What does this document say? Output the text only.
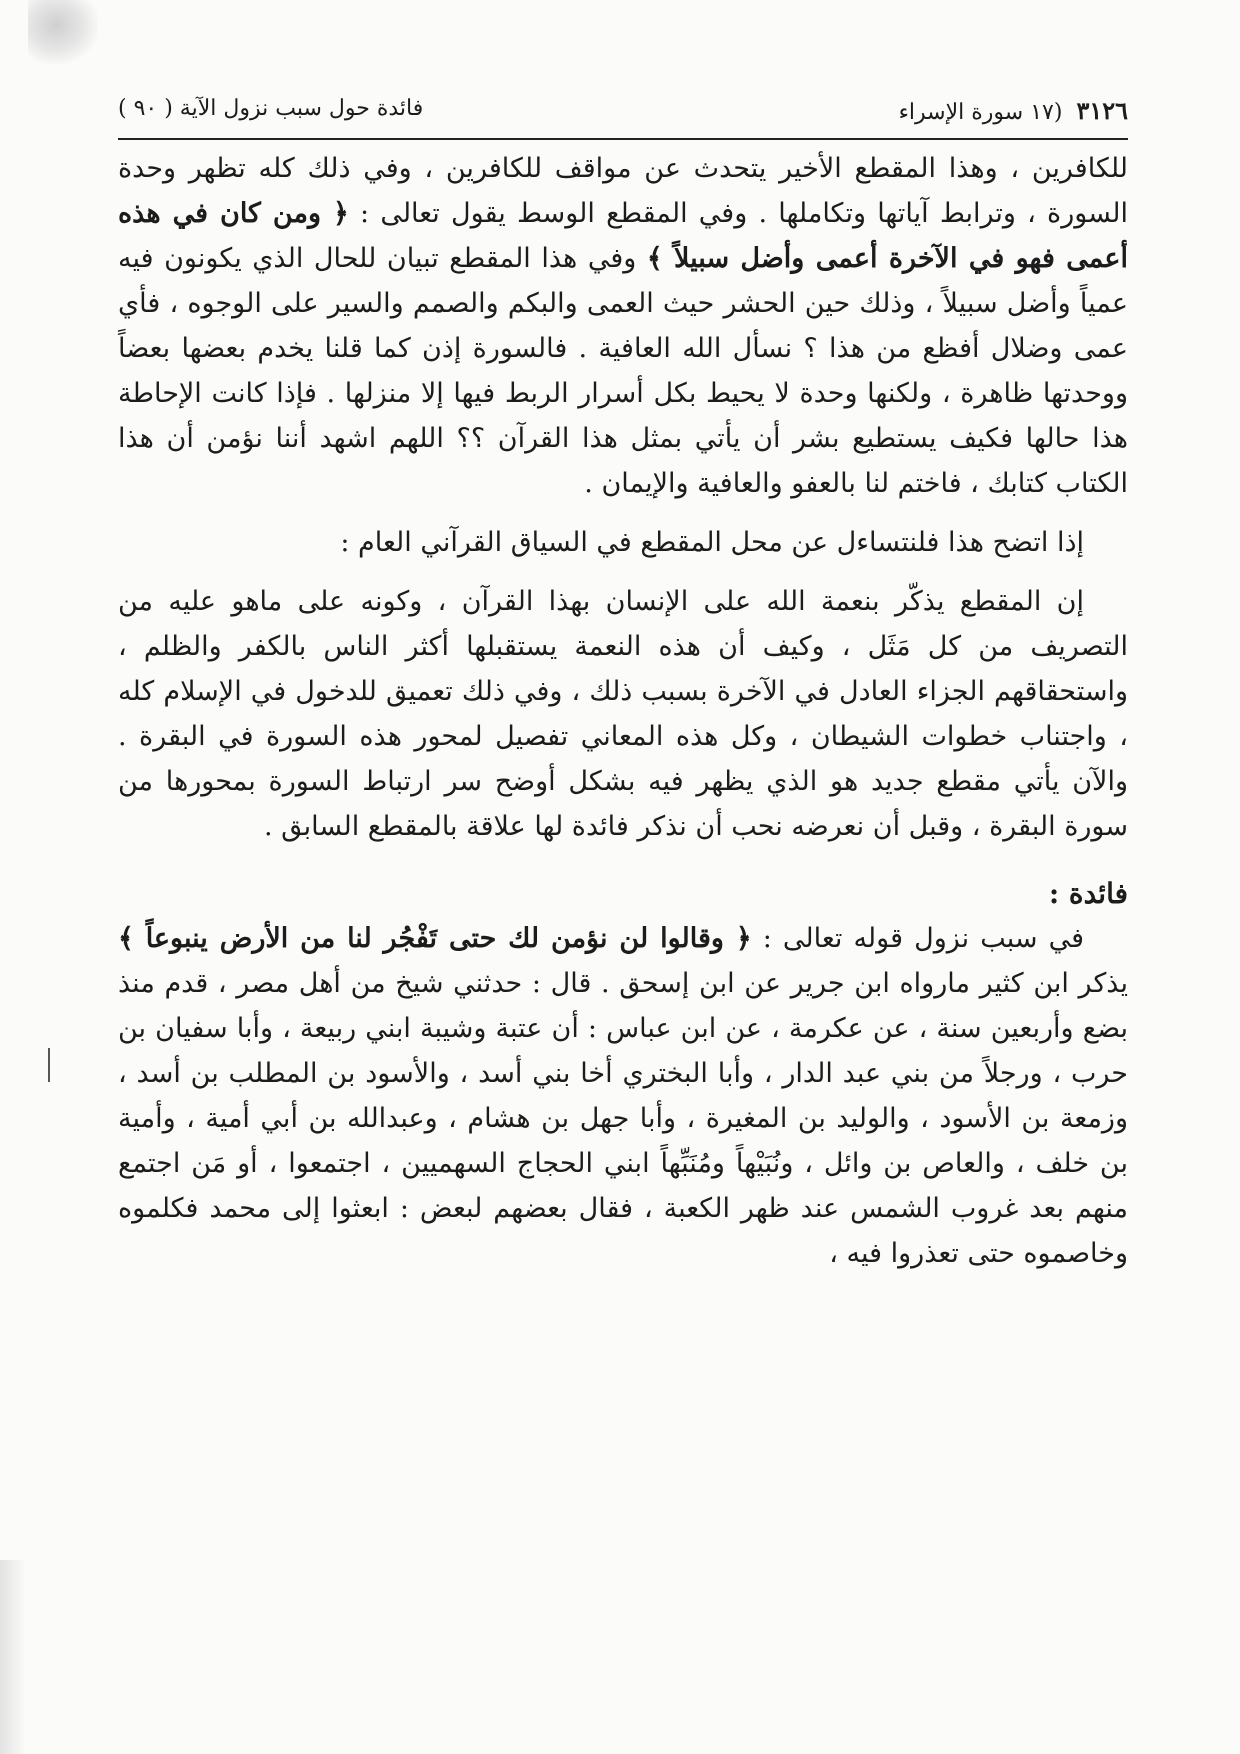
٣١٢٦(١٧ سورة الإسراء
فائدة حول سبب نزول الآية ( ٩٠ )

للكافرين ، وهذا المقطع الأخير يتحدث عن مواقف للكافرين ، وفي ذلك كله تظهر وحدة السورة ، وترابط آياتها وتكاملها . وفي المقطع الوسط يقول تعالى : ﴿ ومن كان في هذه أعمى فهو في الآخرة أعمى وأضل سبيلاً ﴾ وفي هذا المقطع تبيان للحال الذي يكونون فيه عمياً وأضل سبيلاً ، وذلك حين الحشر حيث العمى والبكم والصمم والسير على الوجوه ، فأي عمى وضلال أفظع من هذا ؟ نسأل الله العافية . فالسورة إذن كما قلنا يخدم بعضها بعضاً ووحدتها ظاهرة ، ولكنها وحدة لا يحيط بكل أسرار الربط فيها إلا منزلها . فإذا كانت الإحاطة هذا حالها فكيف يستطيع بشر أن يأتي بمثل هذا القرآن ؟؟ اللهم اشهد أننا نؤمن أن هذا الكتاب كتابك ، فاختم لنا بالعفو والعافية والإيمان .

إذا اتضح هذا فلنتساءل عن محل المقطع في السياق القرآني العام :

إن المقطع يذكّر بنعمة الله على الإنسان بهذا القرآن ، وكونه على ماهو عليه من التصريف من كل مَثَل ، وكيف أن هذه النعمة يستقبلها أكثر الناس بالكفر والظلم ، واستحقاقهم الجزاء العادل في الآخرة بسبب ذلك ، وفي ذلك تعميق للدخول في الإسلام كله ، واجتناب خطوات الشيطان ، وكل هذه المعاني تفصيل لمحور هذه السورة في البقرة . والآن يأتي مقطع جديد هو الذي يظهر فيه بشكل أوضح سر ارتباط السورة بمحورها من سورة البقرة ، وقبل أن نعرضه نحب أن نذكر فائدة لها علاقة بالمقطع السابق .

فائدة :

في سبب نزول قوله تعالى : ﴿ وقالوا لن نؤمن لك حتى تَفْجُر لنا من الأرض ينبوعاً ﴾ يذكر ابن كثير مارواه ابن جرير عن ابن إسحق . قال : حدثني شيخ من أهل مصر ، قدم منذ بضع وأربعين سنة ، عن عكرمة ، عن ابن عباس : أن عتبة وشيبة ابني ربيعة ، وأبا سفيان بن حرب ، ورجلاً من بني عبد الدار ، وأبا البختري أخا بني أسد ، والأسود بن المطلب بن أسد ، وزمعة بن الأسود ، والوليد بن المغيرة ، وأبا جهل بن هشام ، وعبدالله بن أبي أمية ، وأمية بن خلف ، والعاص بن وائل ، ونُبَيْهاً ومُنَبِّهاً ابني الحجاج السهميين ، اجتمعوا ، أو مَن اجتمع منهم بعد غروب الشمس عند ظهر الكعبة ، فقال بعضهم لبعض : ابعثوا إلى محمد فكلموه وخاصموه حتى تعذروا فيه ،
